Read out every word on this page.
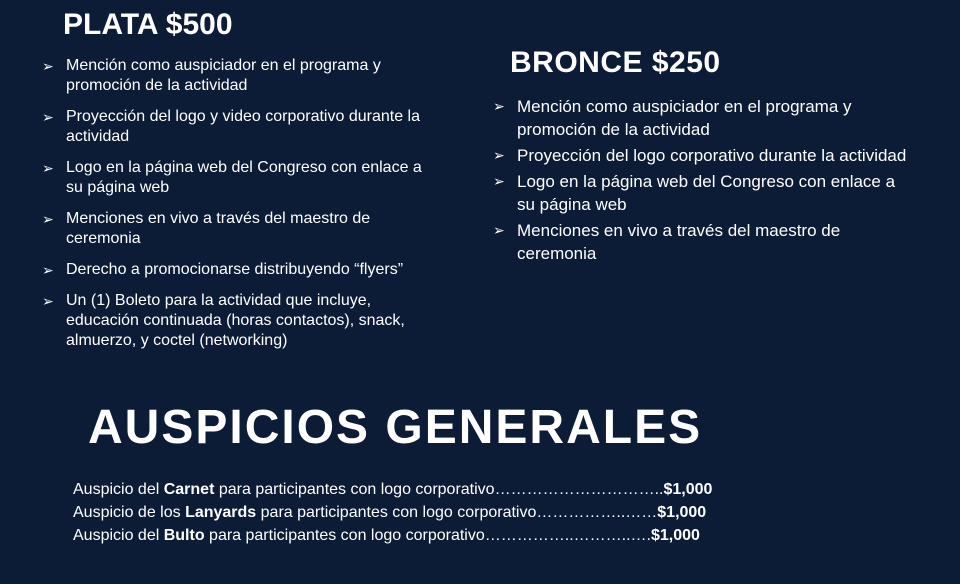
PLATA $500
➢ Mención como auspiciador en el programa y promoción de la actividad
➢ Proyección del logo y video corporativo durante la actividad
➢ Logo en la página web del Congreso con enlace a su página web
➢ Menciones en vivo a través del maestro de ceremonia
➢ Derecho a promocionarse distribuyendo “flyers”
➢ Un (1) Boleto para la actividad que incluye, educación continuada (horas contactos), snack, almuerzo, y coctel (networking)
BRONCE $250
➢ Mención como auspiciador en el programa y promoción de la actividad
➢ Proyección del logo corporativo durante la actividad
➢ Logo en la página web del Congreso con enlace a su página web
➢ Menciones en vivo a través del maestro de ceremonia
AUSPICIOS GENERALES
Auspicio del Carnet para participantes con logo corporativo…………………………..$1,000
Auspicio de los Lanyards para participantes con logo corporativo……………..……$1,000
Auspicio del Bulto para participantes con logo corporativo……………..………..….$1,000
